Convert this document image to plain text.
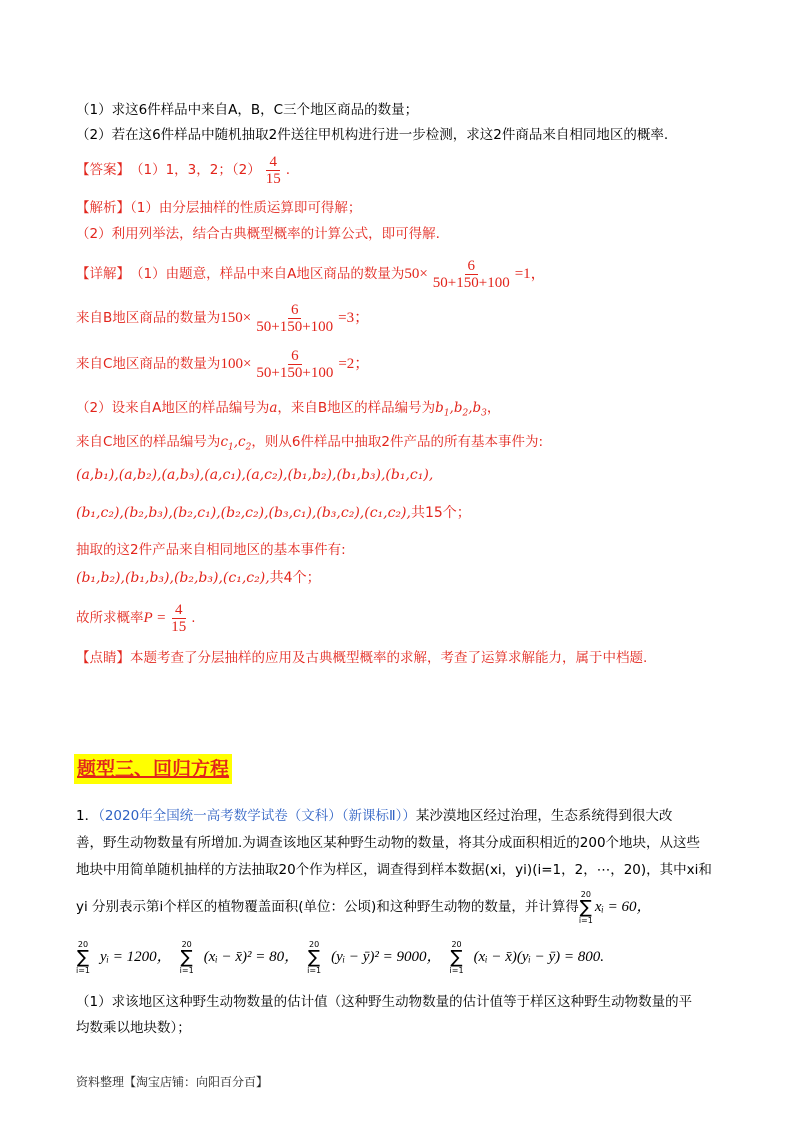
（1）求这6件样品中来自A，B，C三个地区商品的数量；
（2）若在这6件样品中随机抽取2件送往甲机构进行进一步检测，求这2件商品来自相同地区的概率.
【答案】 （1）1，3，2；$(2) \frac{4}{15}$ .
【解析】（1）由分层抽样的性质运算即可得解；
（2）利用列举法，结合古典概型概率的计算公式，即可得解.
【详解】 （1）由题意，样品中来自A地区商品的数量为 $50\times \frac{6}{50+150+100} =1$，
来自B地区商品的数量为 $150\times \frac{6}{50+150+100} =3$；
来自C地区商品的数量为 $100\times \frac{6}{50+150+100} =2$；
（2）设来自A地区的样品编号为a，来自B地区的样品编号为$b_1,b_2,b_3$，
来自C地区的样品编号为$c_1,c_2$，则从6件样品中抽取2件产品的所有基本事件为:
(a,b₁),(a,b₂),(a,b₃),(a,c₁),(a,c₂),(b₁,b₂),(b₁,b₃),(b₁,c₁),
(b₁,c₂),(b₂,b₃),(b₂,c₁),(b₂,c₂),(b₃,c₁),(b₃,c₂),(c₁,c₂),共15个；
抽取的这2件产品来自相同地区的基本事件有:
(b₁,b₂),(b₁,b₃),(b₂,b₃),(c₁,c₂),共4个；
故所求概率 $P = \frac{4}{15}$ .
【点睛】本题考查了分层抽样的应用及古典概型概率的求解，考查了运算求解能力，属于中档题.
题型三、回归方程
1．（2020年全国统一高考数学试卷（文科）（新课标Ⅱ））某沙漠地区经过治理，生态系统得到很大改
善，野生动物数量有所增加.为调查该地区某种野生动物的数量，将其分成面积相近的200个地块，从这些
地块中用简单随机抽样的方法抽取20个作为样区，调查得到样本数据(xi，yi)(i=1，2，⋯，20)，其中xi和
yi 分别表示第i个样区的植物覆盖面积(单位：公顷)和这种野生动物的数量，并计算得
20
∑
i=1
xᵢ = 60，
20
∑
i=1
yᵢ = 1200，
20
∑
i=1
(xᵢ − x̄)² = 80，
20
∑
i=1
(yᵢ − ȳ)² = 9000，
20
∑
i=1
(xᵢ − x̄)(yᵢ − ȳ) = 800.
（1）求该地区这种野生动物数量的估计值（这种野生动物数量的估计值等于样区这种野生动物数量的平
均数乘以地块数）；
资料整理【淘宝店铺：向阳百分百】
